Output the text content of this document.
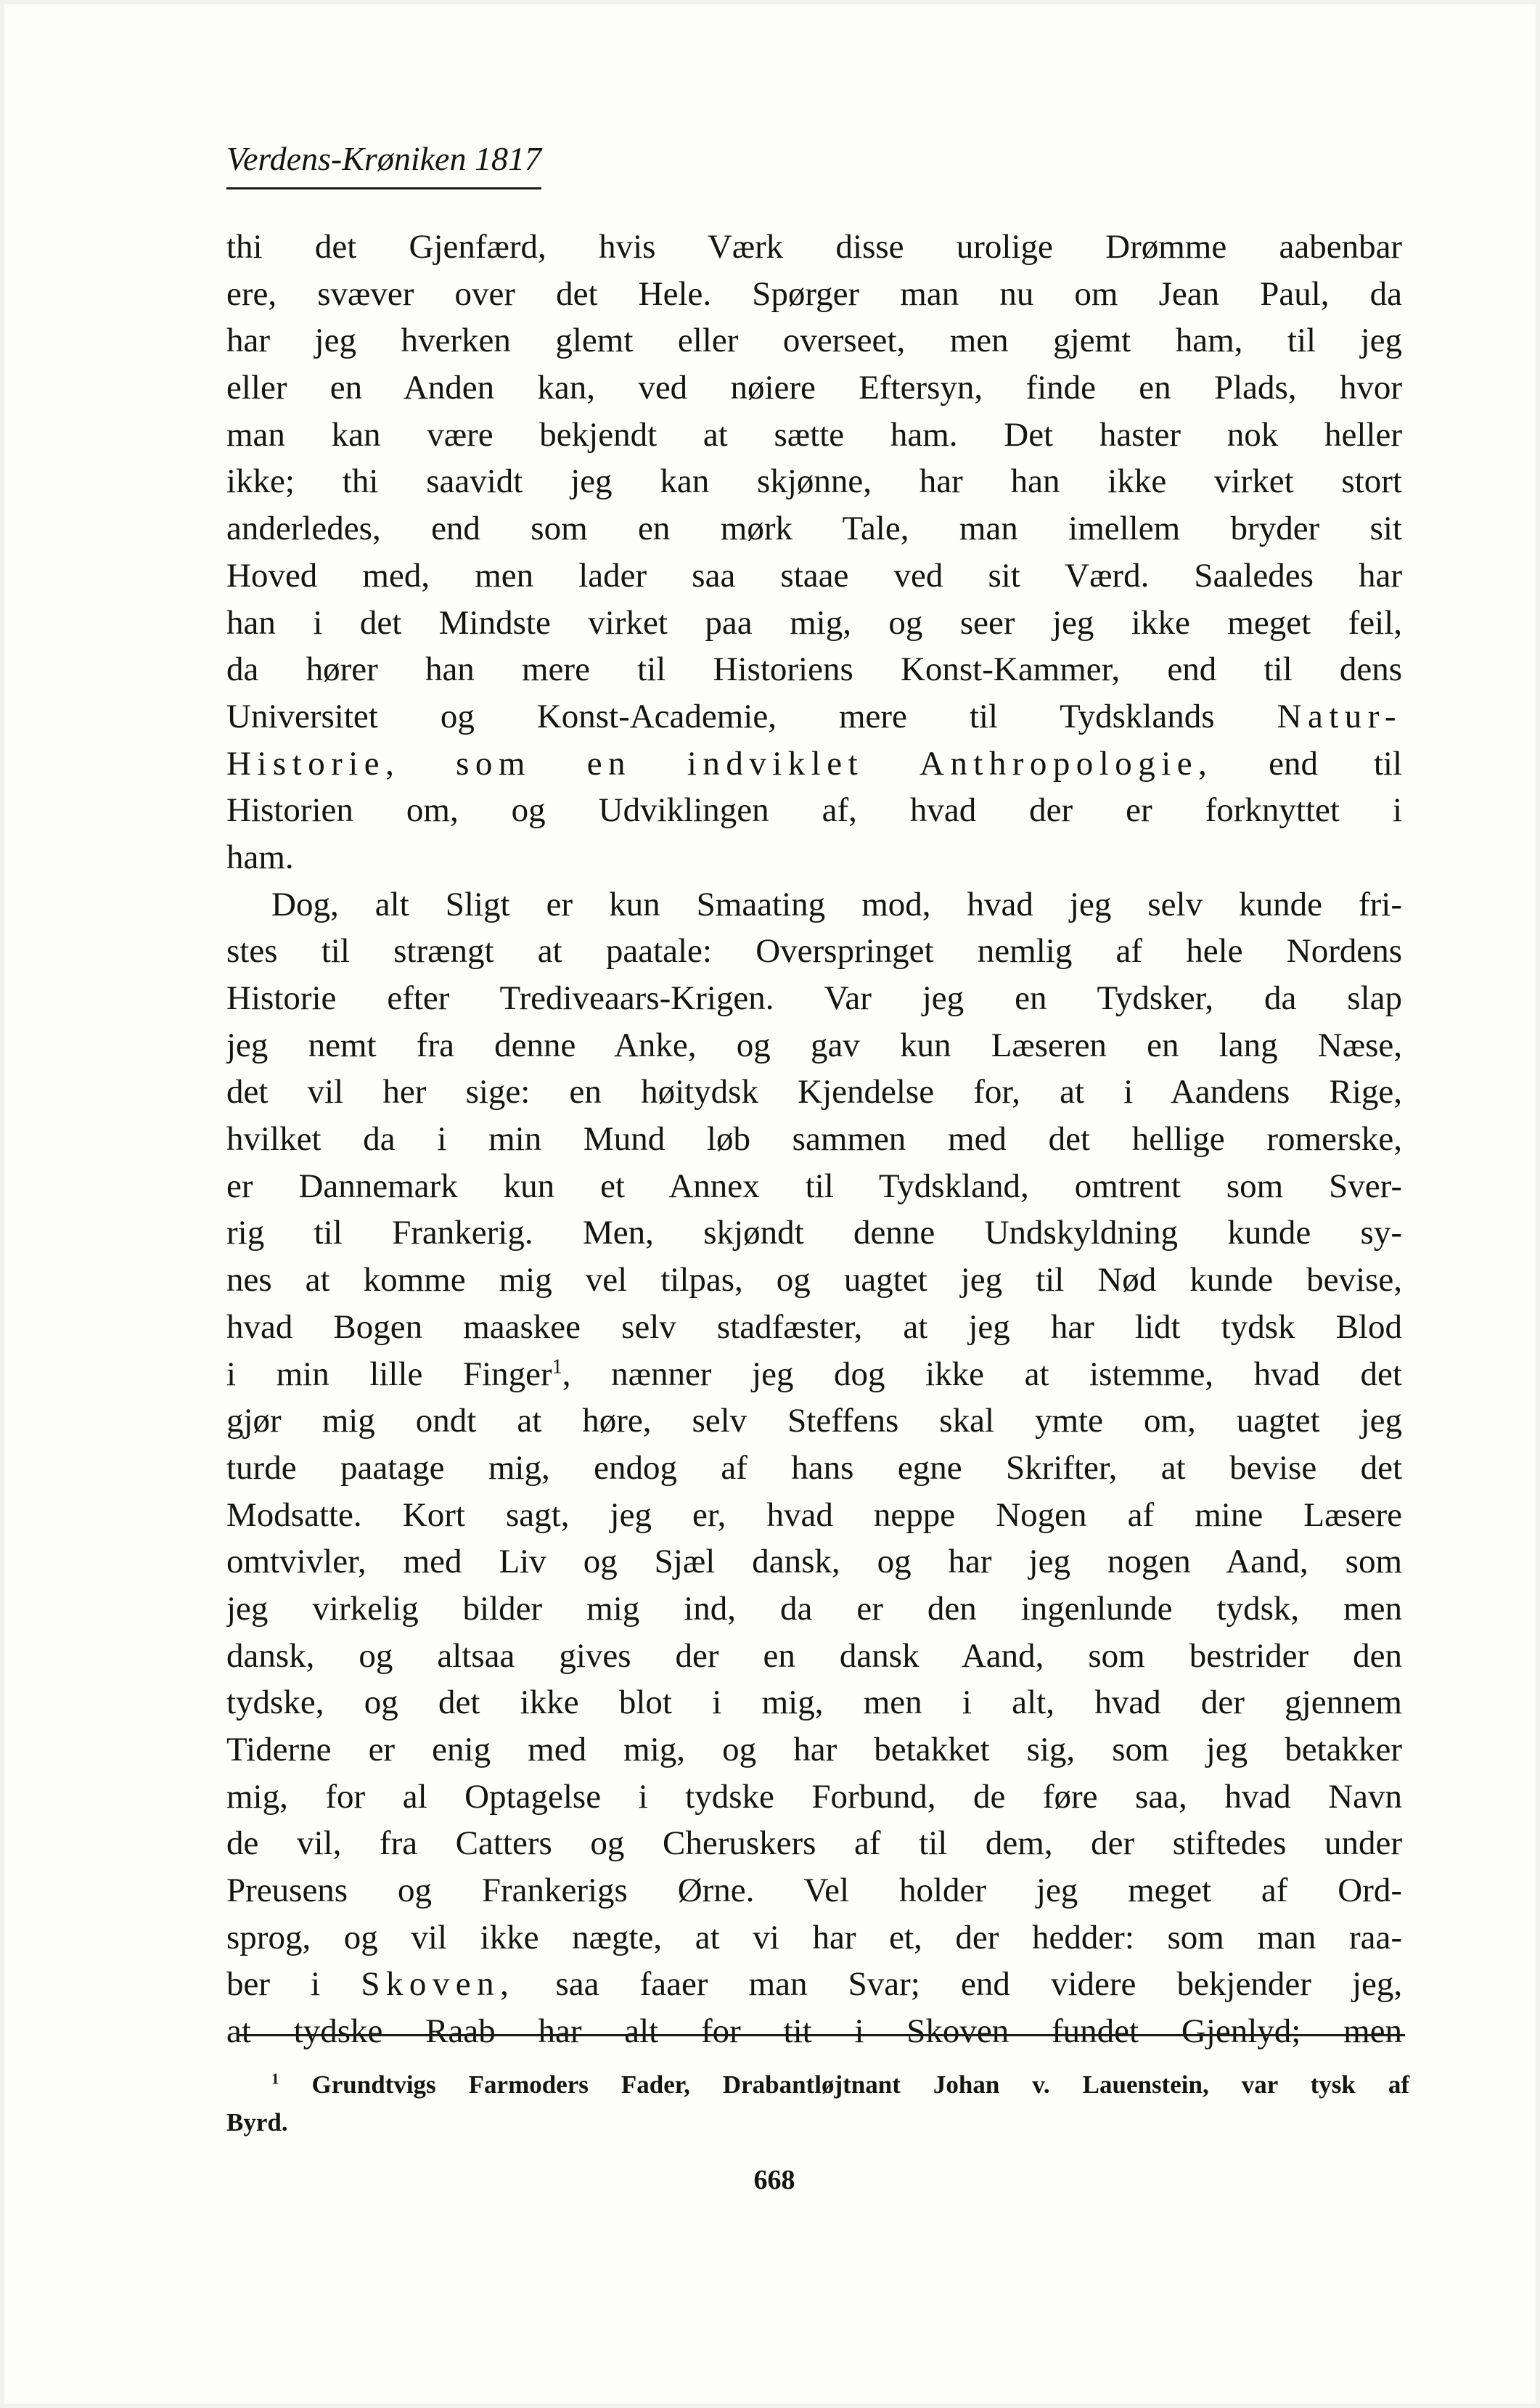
Verdens-Krøniken 1817
thi det Gjenfærd, hvis Værk disse urolige Drømme aabenbar
ere, svæver over det Hele. Spørger man nu om Jean Paul, da
har jeg hverken glemt eller overseet, men gjemt ham, til jeg
eller en Anden kan, ved nøiere Eftersyn, finde en Plads, hvor
man kan være bekjendt at sætte ham. Det haster nok heller
ikke; thi saavidt jeg kan skjønne, har han ikke virket stort
anderledes, end som en mørk Tale, man imellem bryder sit
Hoved med, men lader saa staae ved sit Værd. Saaledes har
han i det Mindste virket paa mig, og seer jeg ikke meget feil,
da hører han mere til Historiens Konst-Kammer, end til dens
Universitet og Konst-Academie, mere til Tydsklands Natur-
Historie, som en indviklet Anthropologie, end til
Historien om, og Udviklingen af, hvad der er forknyttet i
ham.
Dog, alt Sligt er kun Smaating mod, hvad jeg selv kunde fri-
stes til strængt at paatale: Overspringet nemlig af hele Nordens
Historie efter Trediveaars-Krigen. Var jeg en Tydsker, da slap
jeg nemt fra denne Anke, og gav kun Læseren en lang Næse,
det vil her sige: en høitydsk Kjendelse for, at i Aandens Rige,
hvilket da i min Mund løb sammen med det hellige romerske,
er Dannemark kun et Annex til Tydskland, omtrent som Sver-
rig til Frankerig. Men, skjøndt denne Undskyldning kunde sy-
nes at komme mig vel tilpas, og uagtet jeg til Nød kunde bevise,
hvad Bogen maaskee selv stadfæster, at jeg har lidt tydsk Blod
i min lille Finger$^1$, nænner jeg dog ikke at istemme, hvad det
gjør mig ondt at høre, selv Steffens skal ymte om, uagtet jeg
turde paatage mig, endog af hans egne Skrifter, at bevise det
Modsatte. Kort sagt, jeg er, hvad neppe Nogen af mine Læsere
omtvivler, med Liv og Sjæl dansk, og har jeg nogen Aand, som
jeg virkelig bilder mig ind, da er den ingenlunde tydsk, men
dansk, og altsaa gives der en dansk Aand, som bestrider den
tydske, og det ikke blot i mig, men i alt, hvad der gjennem
Tiderne er enig med mig, og har betakket sig, som jeg betakker
mig, for al Optagelse i tydske Forbund, de føre saa, hvad Navn
de vil, fra Catters og Cheruskers af til dem, der stiftedes under
Preusens og Frankerigs Ørne. Vel holder jeg meget af Ord-
sprog, og vil ikke nægte, at vi har et, der hedder: som man raa-
ber i Skoven, saa faaer man Svar; end videre bekjender jeg,
at tydske Raab har alt for tit i Skoven fundet Gjenlyd; men
$^1$ Grundtvigs Farmoders Fader, Drabantløjtnant Johan v. Lauenstein, var tysk af
Byrd.
668
